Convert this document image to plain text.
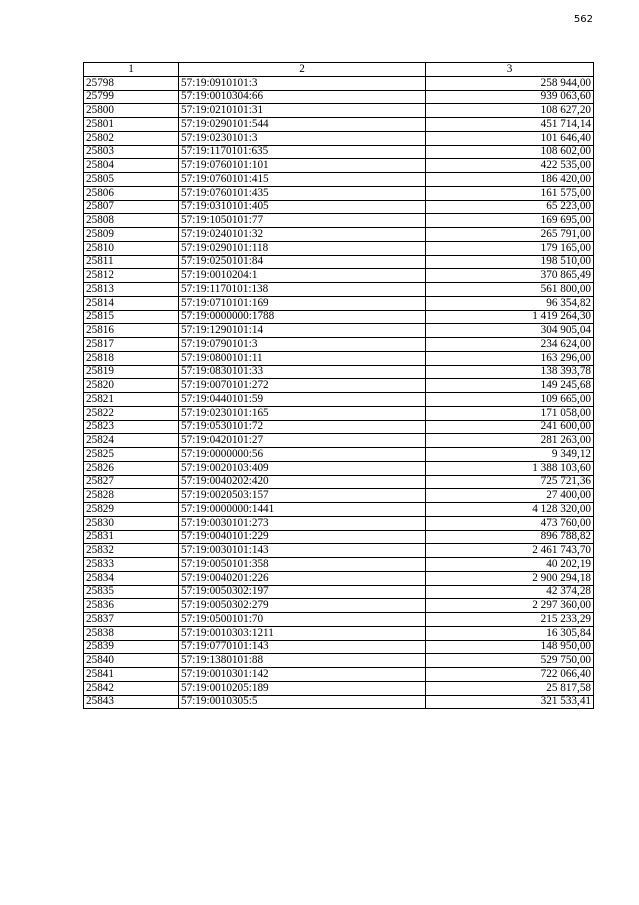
562
1	2	3
25798	57:19:0910101:3	258 944,00
25799	57:19:0010304:66	939 063,60
25800	57:19:0210101:31	108 627,20
25801	57:19:0290101:544	451 714,14
25802	57:19:0230101:3	101 646,40
25803	57:19:1170101:635	108 602,00
25804	57:19:0760101:101	422 535,00
25805	57:19:0760101:415	186 420,00
25806	57:19:0760101:435	161 575,00
25807	57:19:0310101:405	65 223,00
25808	57:19:1050101:77	169 695,00
25809	57:19:0240101:32	265 791,00
25810	57:19:0290101:118	179 165,00
25811	57:19:0250101:84	198 510,00
25812	57:19:0010204:1	370 865,49
25813	57:19:1170101:138	561 800,00
25814	57:19:0710101:169	96 354,82
25815	57:19:0000000:1788	1 419 264,30
25816	57:19:1290101:14	304 905,04
25817	57:19:0790101:3	234 624,00
25818	57:19:0800101:11	163 296,00
25819	57:19:0830101:33	138 393,78
25820	57:19:0070101:272	149 245,68
25821	57:19:0440101:59	109 665,00
25822	57:19:0230101:165	171 058,00
25823	57:19:0530101:72	241 600,00
25824	57:19:0420101:27	281 263,00
25825	57:19:0000000:56	9 349,12
25826	57:19:0020103:409	1 388 103,60
25827	57:19:0040202:420	725 721,36
25828	57:19:0020503:157	27 400,00
25829	57:19:0000000:1441	4 128 320,00
25830	57:19:0030101:273	473 760,00
25831	57:19:0040101:229	896 788,82
25832	57:19:0030101:143	2 461 743,70
25833	57:19:0050101:358	40 202,19
25834	57:19:0040201:226	2 900 294,18
25835	57:19:0050302:197	42 374,28
25836	57:19:0050302:279	2 297 360,00
25837	57:19:0500101:70	215 233,29
25838	57:19:0010303:1211	16 305,84
25839	57:19:0770101:143	148 950,00
25840	57:19:1380101:88	529 750,00
25841	57:19:0010301:142	722 066,40
25842	57:19:0010205:189	25 817,58
25843	57:19:0010305:5	321 533,41
